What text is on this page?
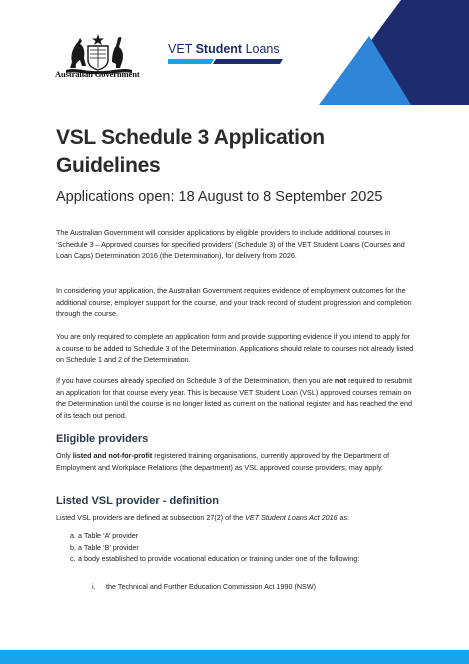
Australian Government
VET Student Loans
VSL Schedule 3 Application Guidelines
Applications open: 18 August to 8 September 2025
The Australian Government will consider applications by eligible providers to include additional courses in ‘Schedule 3 – Approved courses for specified providers’ (Schedule 3) of the VET Student Loans (Courses and Loan Caps) Determination 2016 (the Determination), for delivery from 2026.
In considering your application, the Australian Government requires evidence of employment outcomes for the additional course, employer support for the course, and your track record of student progression and completion through the course.
You are only required to complete an application form and provide supporting evidence if you intend to apply for a course to be added to Schedule 3 of the Determination. Applications should relate to courses not already listed on Schedule 1 and 2 of the Determination.
If you have courses already specified on Schedule 3 of the Determination, then you are not required to resubmit an application for that course every year. This is because VET Student Loan (VSL) approved courses remain on the Determination until the course is no longer listed as current on the national register and has reached the end of its teach out period.
Eligible providers
Only listed and not-for-profit registered training organisations, currently approved by the Department of Employment and Workplace Relations (the department) as VSL approved course providers, may apply.
Listed VSL provider - definition
Listed VSL providers are defined at subsection 27(2) of the VET Student Loans Act 2016 as:
a. a Table ‘A’ provider
b. a Table ‘B’ provider
c. a body established to provide vocational education or training under one of the following:
i. the Technical and Further Education Commission Act 1990 (NSW)
